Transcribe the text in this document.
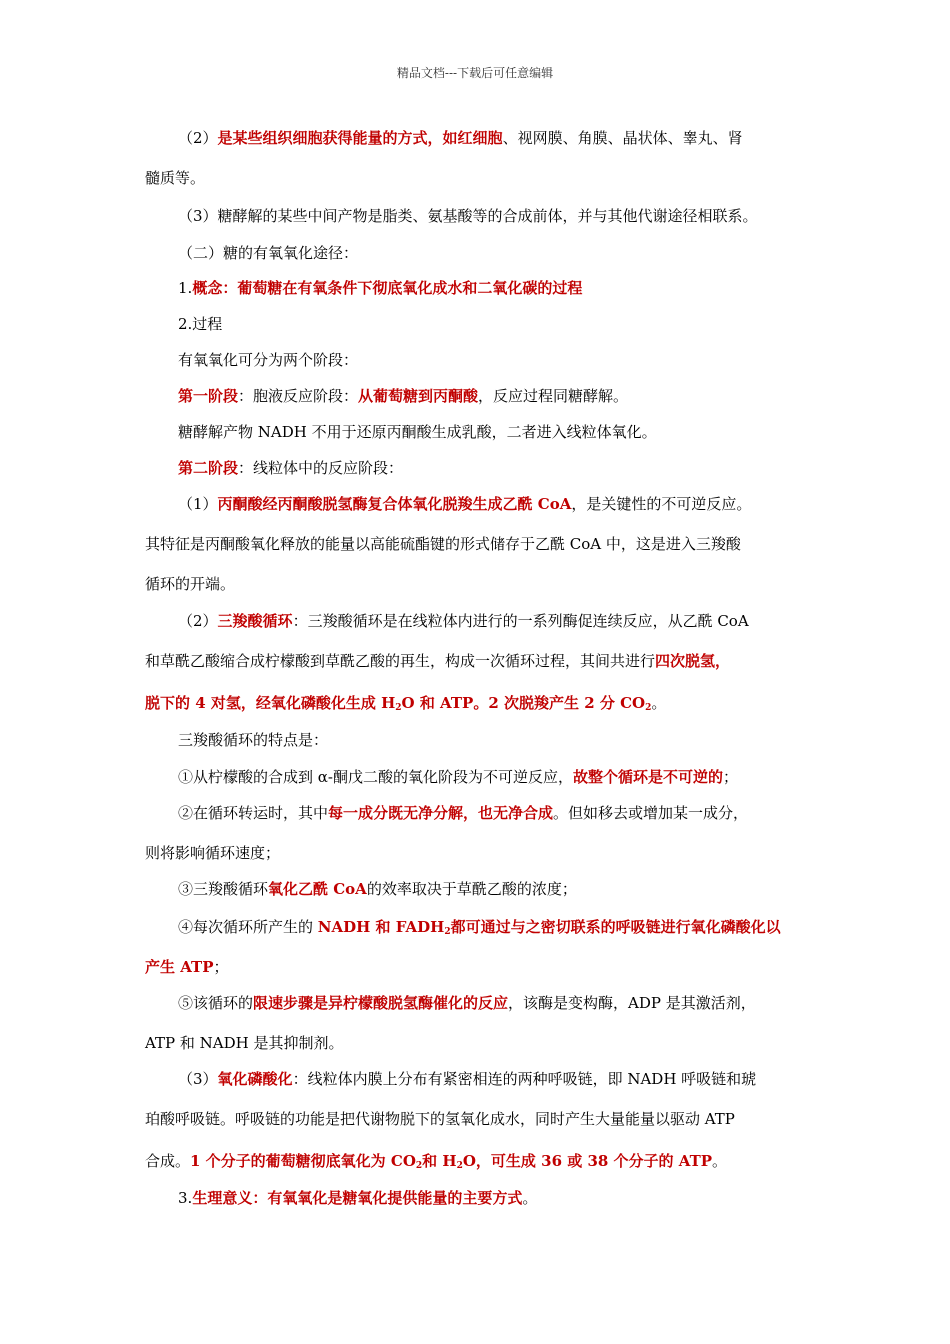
精品文档---下载后可任意编辑
（2）是某些组织细胞获得能量的方式，如红细胞、视网膜、角膜、晶状体、睾丸、肾
髓质等。
（3）糖酵解的某些中间产物是脂类、氨基酸等的合成前体，并与其他代谢途径相联系。
（二）糖的有氧氧化途径：
1.概念：葡萄糖在有氧条件下彻底氧化成水和二氧化碳的过程
2.过程
有氧氧化可分为两个阶段：
第一阶段：胞液反应阶段：从葡萄糖到丙酮酸，反应过程同糖酵解。
糖酵解产物 NADH 不用于还原丙酮酸生成乳酸，二者进入线粒体氧化。
第二阶段：线粒体中的反应阶段：
（1）丙酮酸经丙酮酸脱氢酶复合体氧化脱羧生成乙酰 CoA，是关键性的不可逆反应。
其特征是丙酮酸氧化释放的能量以高能硫酯键的形式储存于乙酰 CoA 中，这是进入三羧酸
循环的开端。
（2）三羧酸循环：三羧酸循环是在线粒体内进行的一系列酶促连续反应，从乙酰 CoA
和草酰乙酸缩合成柠檬酸到草酰乙酸的再生，构成一次循环过程，其间共进行四次脱氢，
脱下的 4 对氢，经氧化磷酸化生成 $H_2O$ 和 ATP。2 次脱羧产生 2 分 $CO_2$。
三羧酸循环的特点是：
①从柠檬酸的合成到 α-酮戊二酸的氧化阶段为不可逆反应，故整个循环是不可逆的；
②在循环转运时，其中每一成分既无净分解，也无净合成。但如移去或增加某一成分，
则将影响循环速度；
③三羧酸循环氧化乙酰 CoA的效率取决于草酰乙酸的浓度；
④每次循环所产生的 NADH 和 $FADH_2$都可通过与之密切联系的呼吸链进行氧化磷酸化以
产生 ATP；
⑤该循环的限速步骤是异柠檬酸脱氢酶催化的反应，该酶是变构酶，ADP 是其激活剂，
ATP 和 NADH 是其抑制剂。
（3）氧化磷酸化：线粒体内膜上分布有紧密相连的两种呼吸链，即 NADH 呼吸链和琥
珀酸呼吸链。呼吸链的功能是把代谢物脱下的氢氧化成水，同时产生大量能量以驱动 ATP
合成。1 个分子的葡萄糖彻底氧化为 $CO_2$和 $H_2O$，可生成 36 或 38 个分子的 ATP。
3.生理意义：有氧氧化是糖氧化提供能量的主要方式。
